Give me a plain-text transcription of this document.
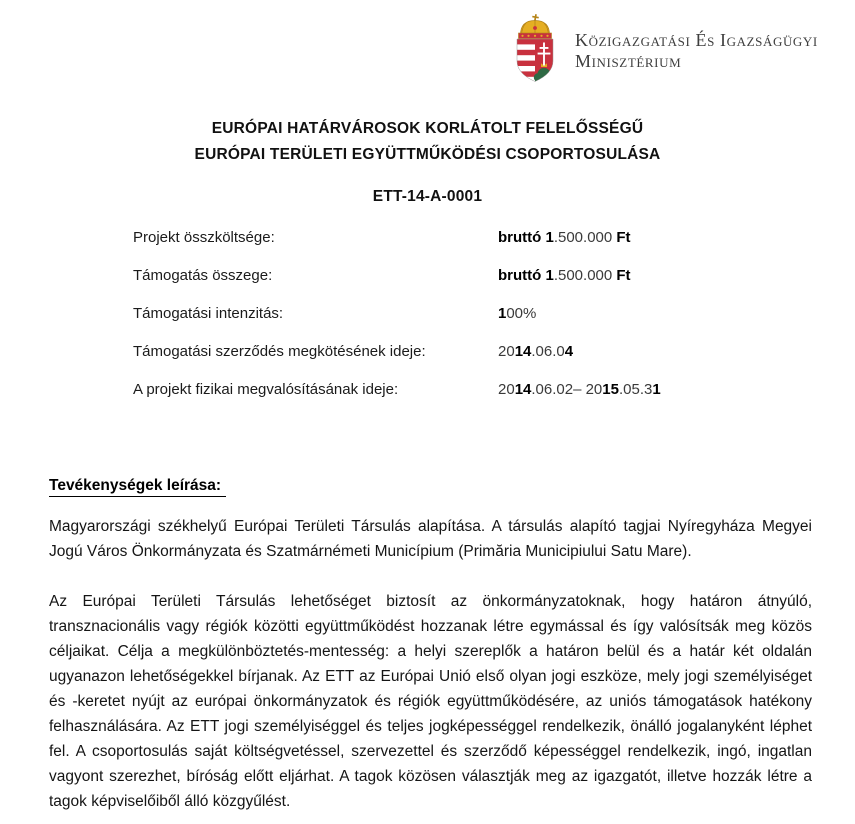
Közigazgatási És Igazságügyi
Minisztérium
EURÓPAI HATÁRVÁROSOK KORLÁTOLT FELELŐSSÉGŰ
EURÓPAI TERÜLETI EGYÜTTMŰKÖDÉSI CSOPORTOSULÁSA
ETT-14-A-0001
Projekt összköltsége:	bruttó 1.500.000 Ft
Támogatás összege:	bruttó 1.500.000 Ft
Támogatási intenzitás:	100%
Támogatási szerződés megkötésének ideje:	2014.06.04
A projekt fizikai megvalósításának ideje:	2014.06.02– 2015.05.31
Tevékenységek leírása:

Magyarországi székhelyű Európai Területi Társulás alapítása. A társulás alapító tagjai Nyíregyháza Megyei Jogú Város Önkormányzata és Szatmárnémeti Municípium (Primăria Municipiului Satu Mare).

Az Európai Területi Társulás lehetőséget biztosít az önkormányzatoknak, hogy határon átnyúló, transznacionális vagy régiók közötti együttműködést hozzanak létre egymással és így valósítsák meg közös céljaikat. Célja a megkülönböztetés-mentesség: a helyi szereplők a határon belül és a határ két oldalán ugyanazon lehetőségekkel bírjanak. Az ETT az Európai Unió első olyan jogi eszköze, mely jogi személyiséget és -keretet nyújt az európai önkormányzatok és régiók együttműködésére, az uniós támogatások hatékony felhasználására. Az ETT jogi személyiséggel és teljes jogképességgel rendelkezik, önálló jogalanyként léphet fel. A csoportosulás saját költségvetéssel, szervezettel és szerződő képességgel rendelkezik, ingó, ingatlan vagyont szerezhet, bíróság előtt eljárhat. A tagok közösen választják meg az igazgatót, illetve hozzák létre a tagok képviselőiből álló közgyűlést.
